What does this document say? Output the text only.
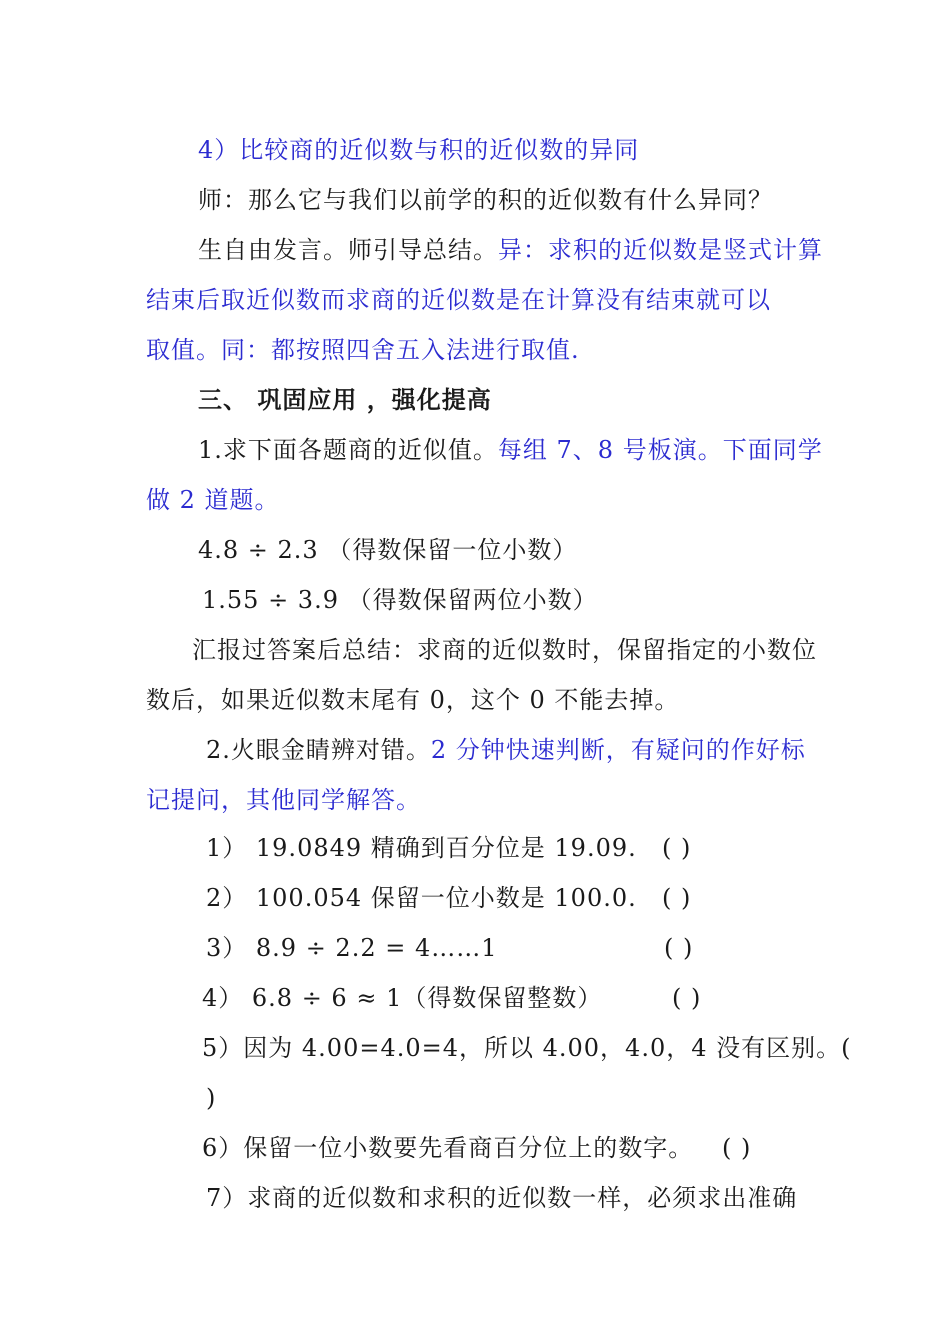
4）比较商的近似数与积的近似数的异同
师：那么它与我们以前学的积的近似数有什么异同？
生自由发言。师引导总结。异：求积的近似数是竖式计算
结束后取近似数而求商的近似数是在计算没有结束就可以
取值。同：都按照四舍五入法进行取值.
三、 巩固应用 ，强化提高
1.求下面各题商的近似值。每组 7、8 号板演。下面同学
做 2 道题。
4.8 ÷ 2.3 （得数保留一位小数）
1.55 ÷ 3.9 （得数保留两位小数）
汇报过答案后总结：求商的近似数时，保留指定的小数位
数后，如果近似数末尾有 0，这个 0 不能去掉。
2.火眼金睛辨对错。2 分钟快速判断，有疑问的作好标
记提问，其他同学解答。
1） 19.0849 精确到百分位是 19.09. ( )
2） 100.054 保留一位小数是 100.0. ( )
3） 8.9 ÷ 2.2 = 4……1	( )
4） 6.8 ÷ 6 ≈ 1（得数保留整数）	( )
5）因为 4.00=4.0=4，所以 4.00，4.0，4 没有区别。(
)
6）保留一位小数要先看商百分位上的数字。 ( )
7）求商的近似数和求积的近似数一样，必须求出准确
